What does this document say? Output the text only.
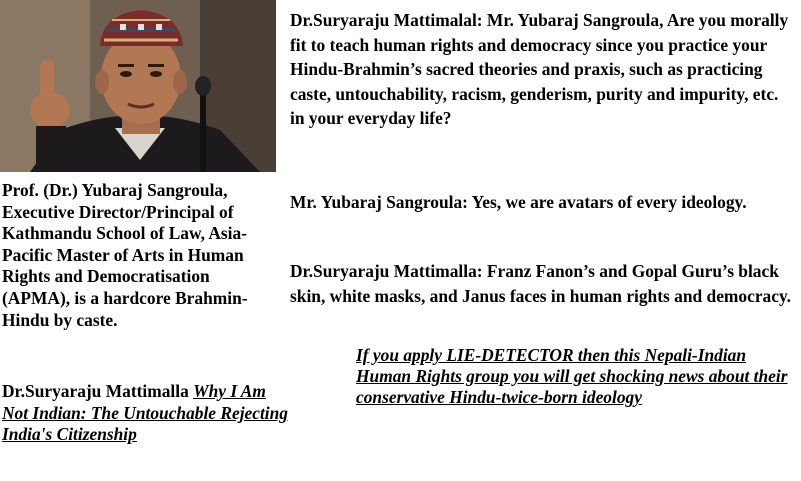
Prof. (Dr.) Yubaraj Sangroula, Executive Director/Principal of Kathmandu School of Law, Asia-Pacific Master of Arts in Human Rights and Democratisation (APMA), is a hardcore Brahmin-Hindu by caste.

Dr.Suryaraju Mattimalla Why I Am Not Indian: The Untouchable Rejecting India's Citizenship

Dr.Suryaraju Mattimalal: Mr. Yubaraj Sangroula, Are you morally fit to teach human rights and democracy since you practice your Hindu-Brahmin’s sacred theories and praxis, such as practicing caste, untouchability, racism, genderism, purity and impurity, etc. in your everyday life?

Mr. Yubaraj Sangroula: Yes, we are avatars of every ideology.

Dr.Suryaraju Mattimalla: Franz Fanon’s and Gopal Guru’s black skin, white masks, and Janus faces in human rights and democracy.

If you apply LIE-DETECTOR then this Nepali-Indian Human Rights group you will get shocking news about their conservative Hindu-twice-born ideology
